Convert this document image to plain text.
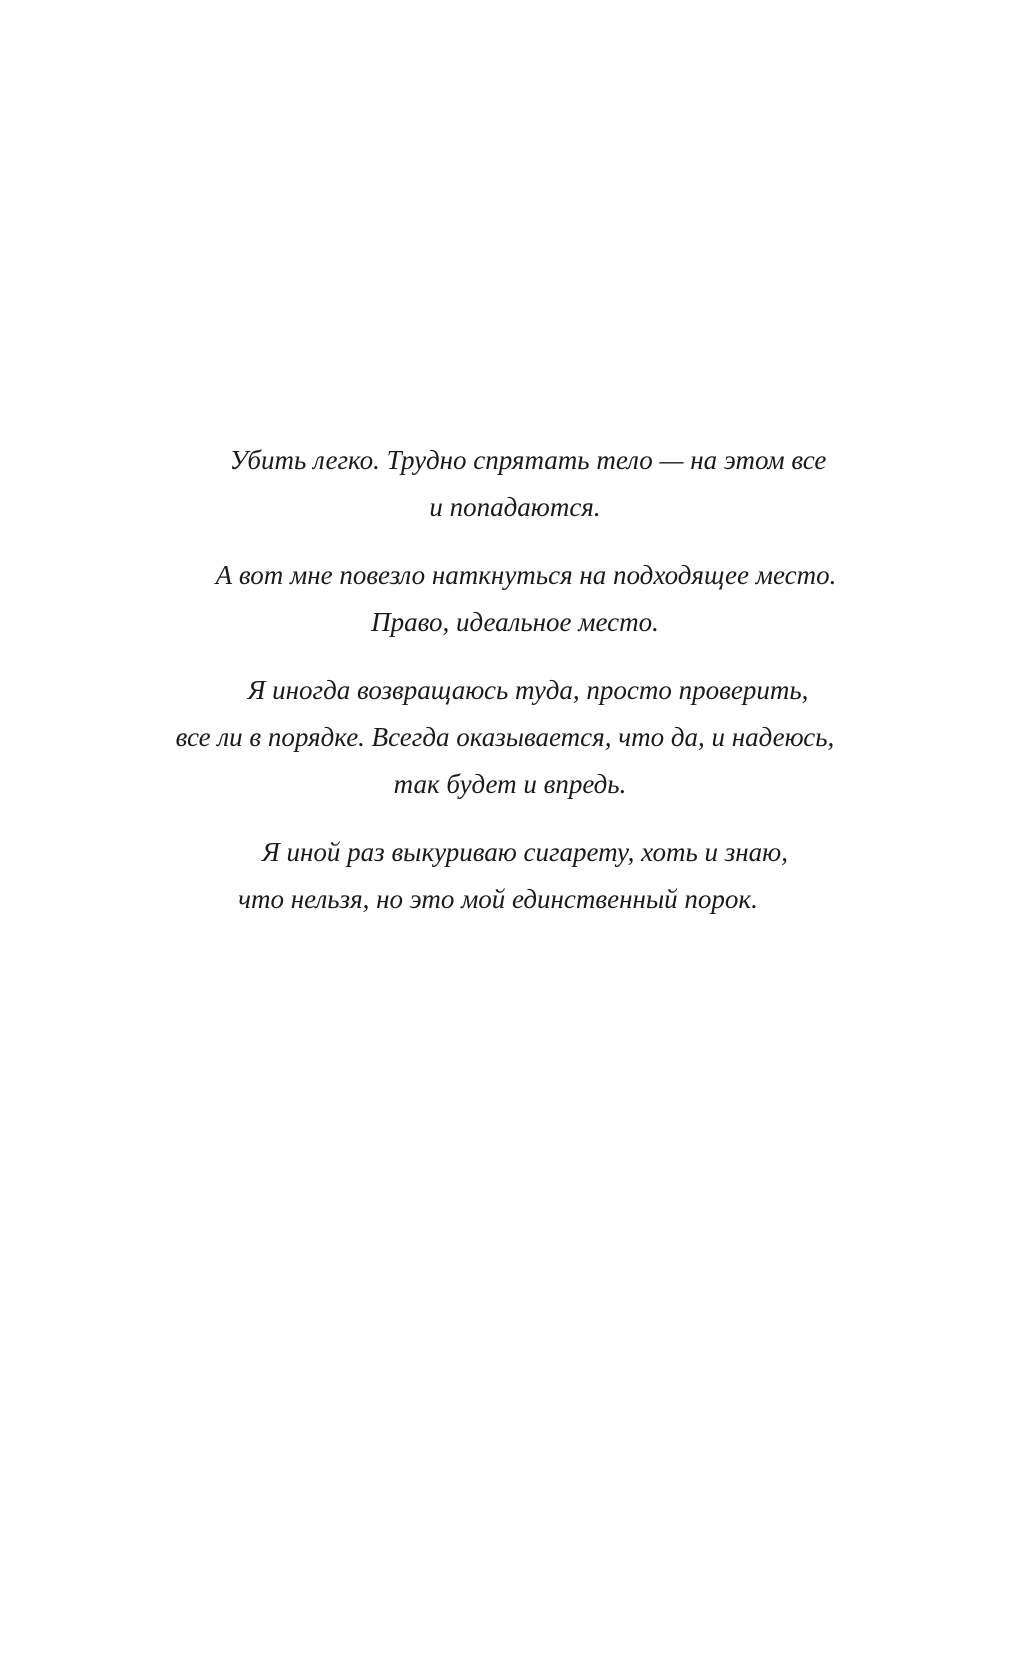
Убить легко. Трудно спрятать тело — на этом все
и попадаются.

А вот мне повезло наткнуться на подходящее место.
Право, идеальное место.

Я иногда возвращаюсь туда, просто проверить,
все ли в порядке. Всегда оказывается, что да, и надеюсь,
так будет и впредь.

Я иной раз выкуриваю сигарету, хоть и знаю,
что нельзя, но это мой единственный порок.
